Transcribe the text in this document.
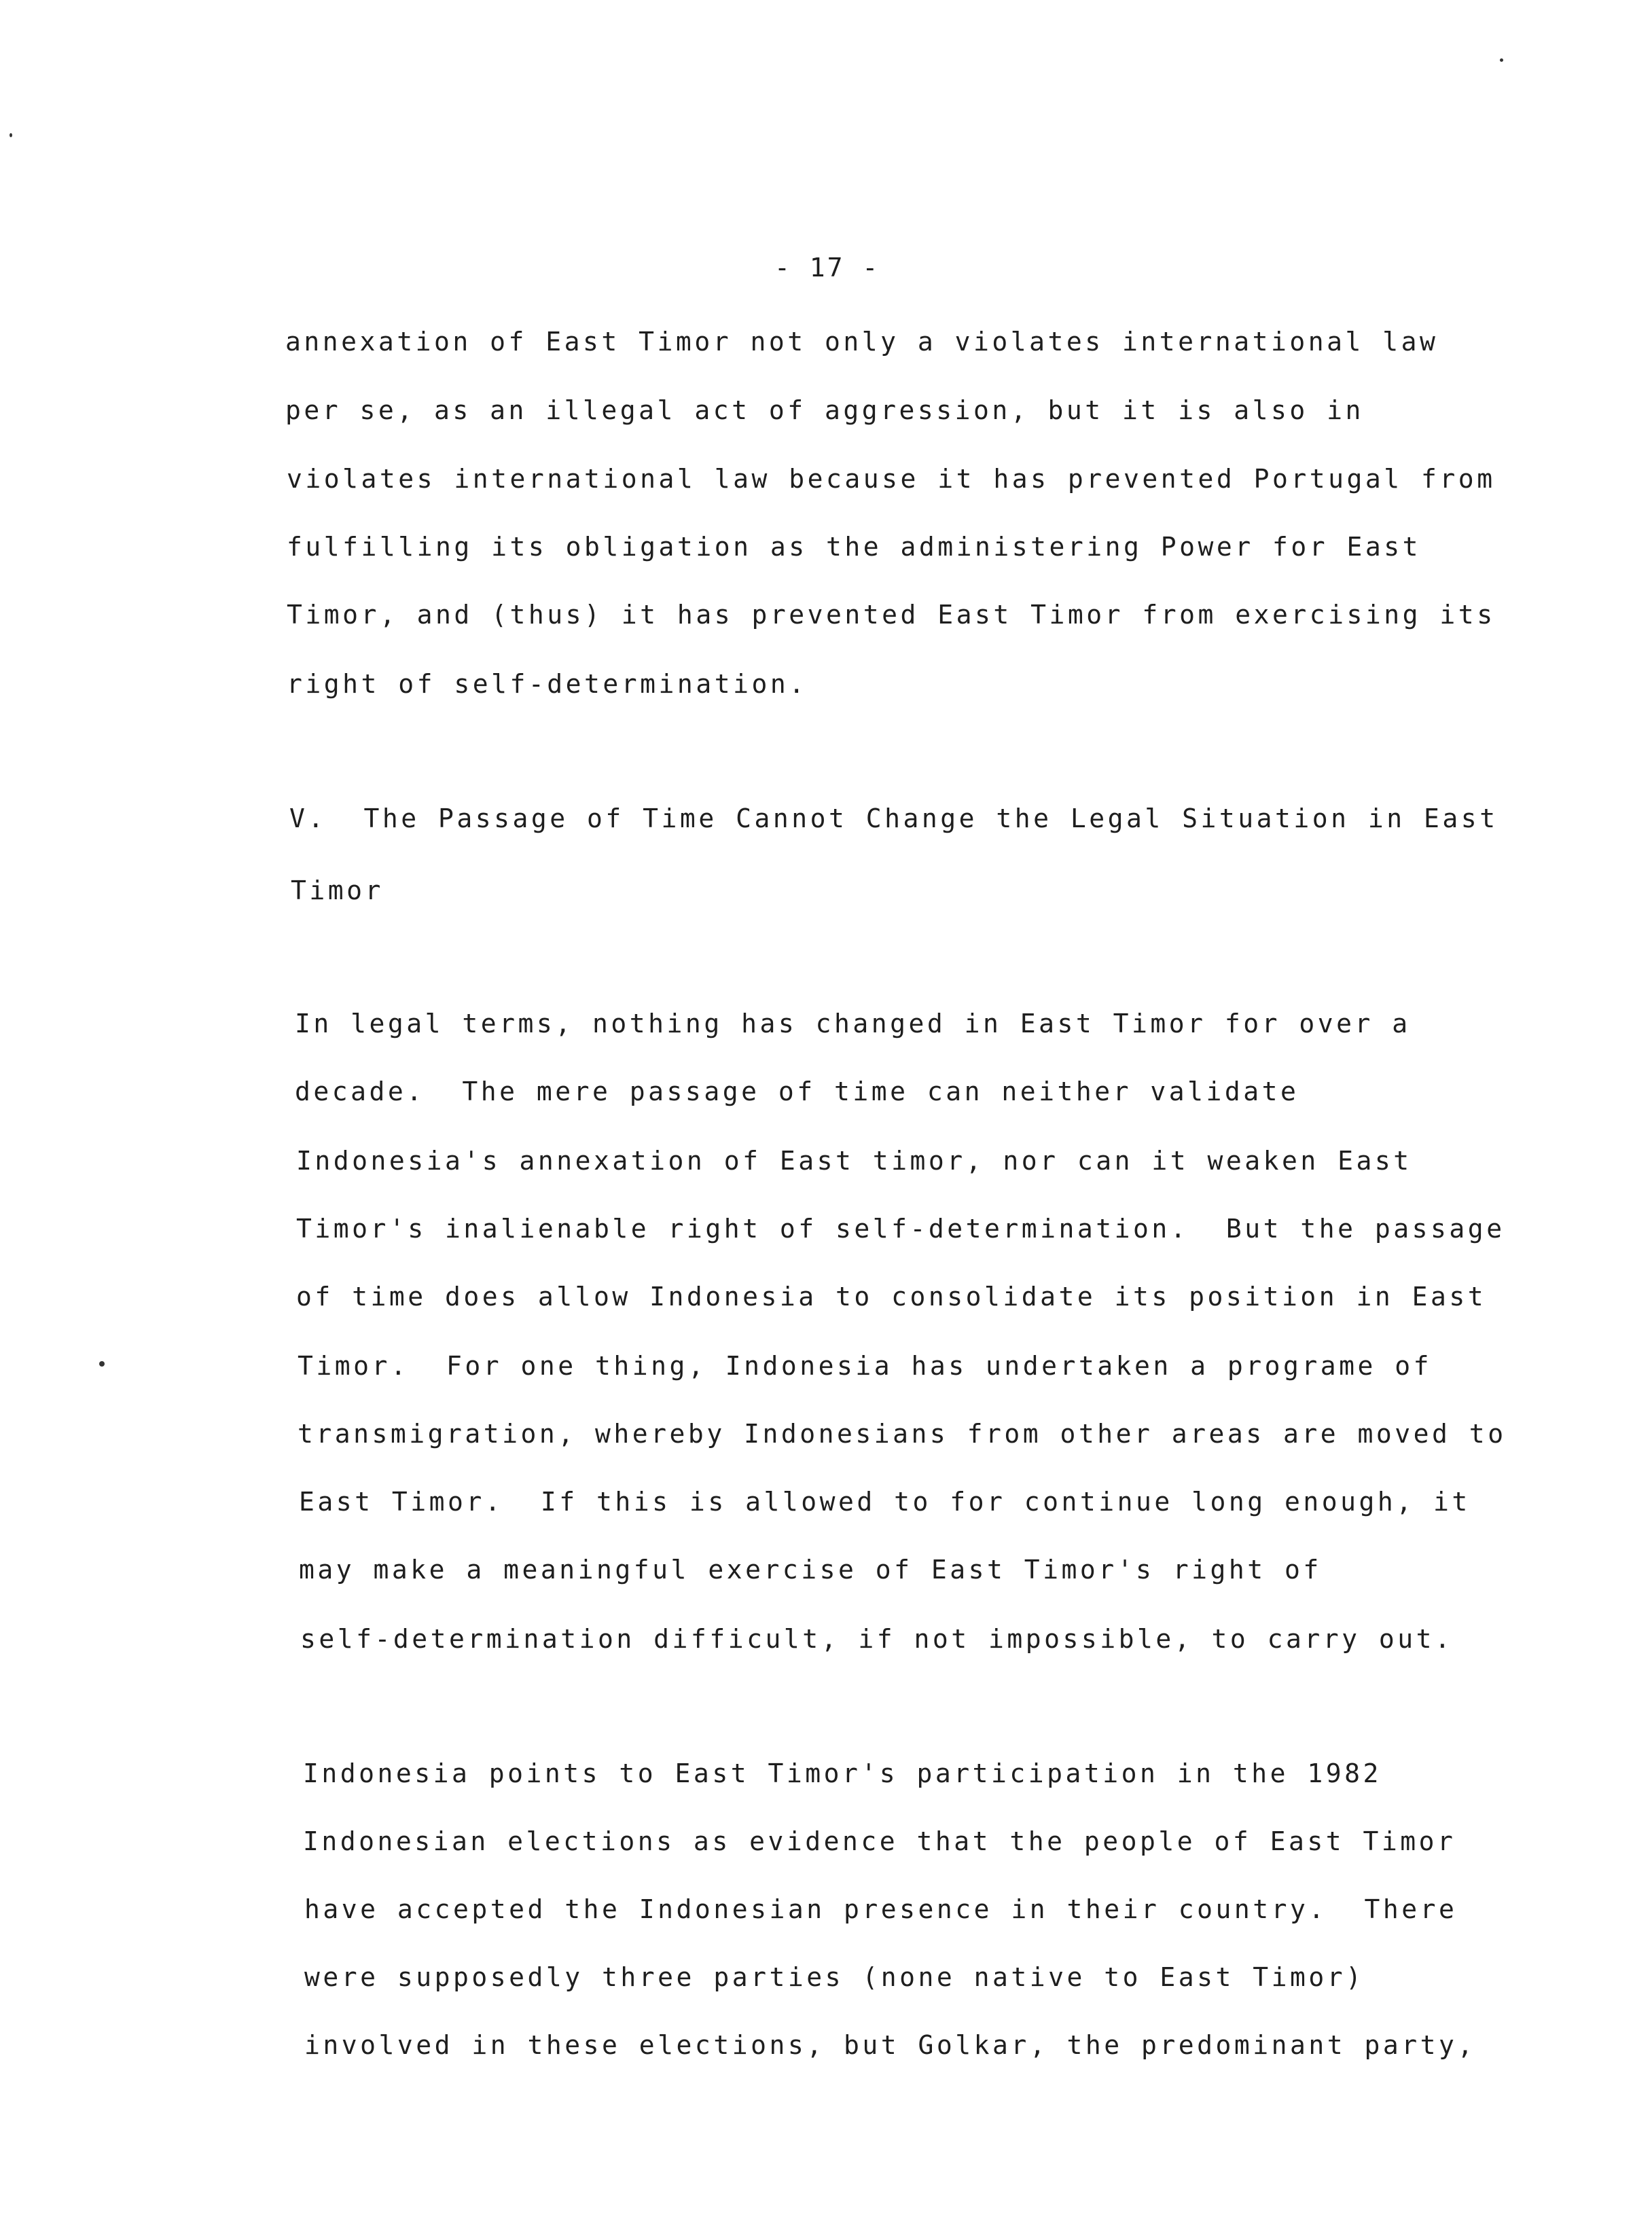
- 17 -
annexation of East Timor not only a violates international law
per se, as an illegal act of aggression, but it is also in
violates international law because it has prevented Portugal from
fulfilling its obligation as the administering Power for East
Timor, and (thus) it has prevented East Timor from exercising its
right of self-determination.
V.  The Passage of Time Cannot Change the Legal Situation in East
Timor
In legal terms, nothing has changed in East Timor for over a
decade.  The mere passage of time can neither validate
Indonesia's annexation of East timor, nor can it weaken East
Timor's inalienable right of self-determination.  But the passage
of time does allow Indonesia to consolidate its position in East
Timor.  For one thing, Indonesia has undertaken a programe of
transmigration, whereby Indonesians from other areas are moved to
East Timor.  If this is allowed to for continue long enough, it
may make a meaningful exercise of East Timor's right of
self-determination difficult, if not impossible, to carry out.
Indonesia points to East Timor's participation in the 1982
Indonesian elections as evidence that the people of East Timor
have accepted the Indonesian presence in their country.  There
were supposedly three parties (none native to East Timor)
involved in these elections, but Golkar, the predominant party,
